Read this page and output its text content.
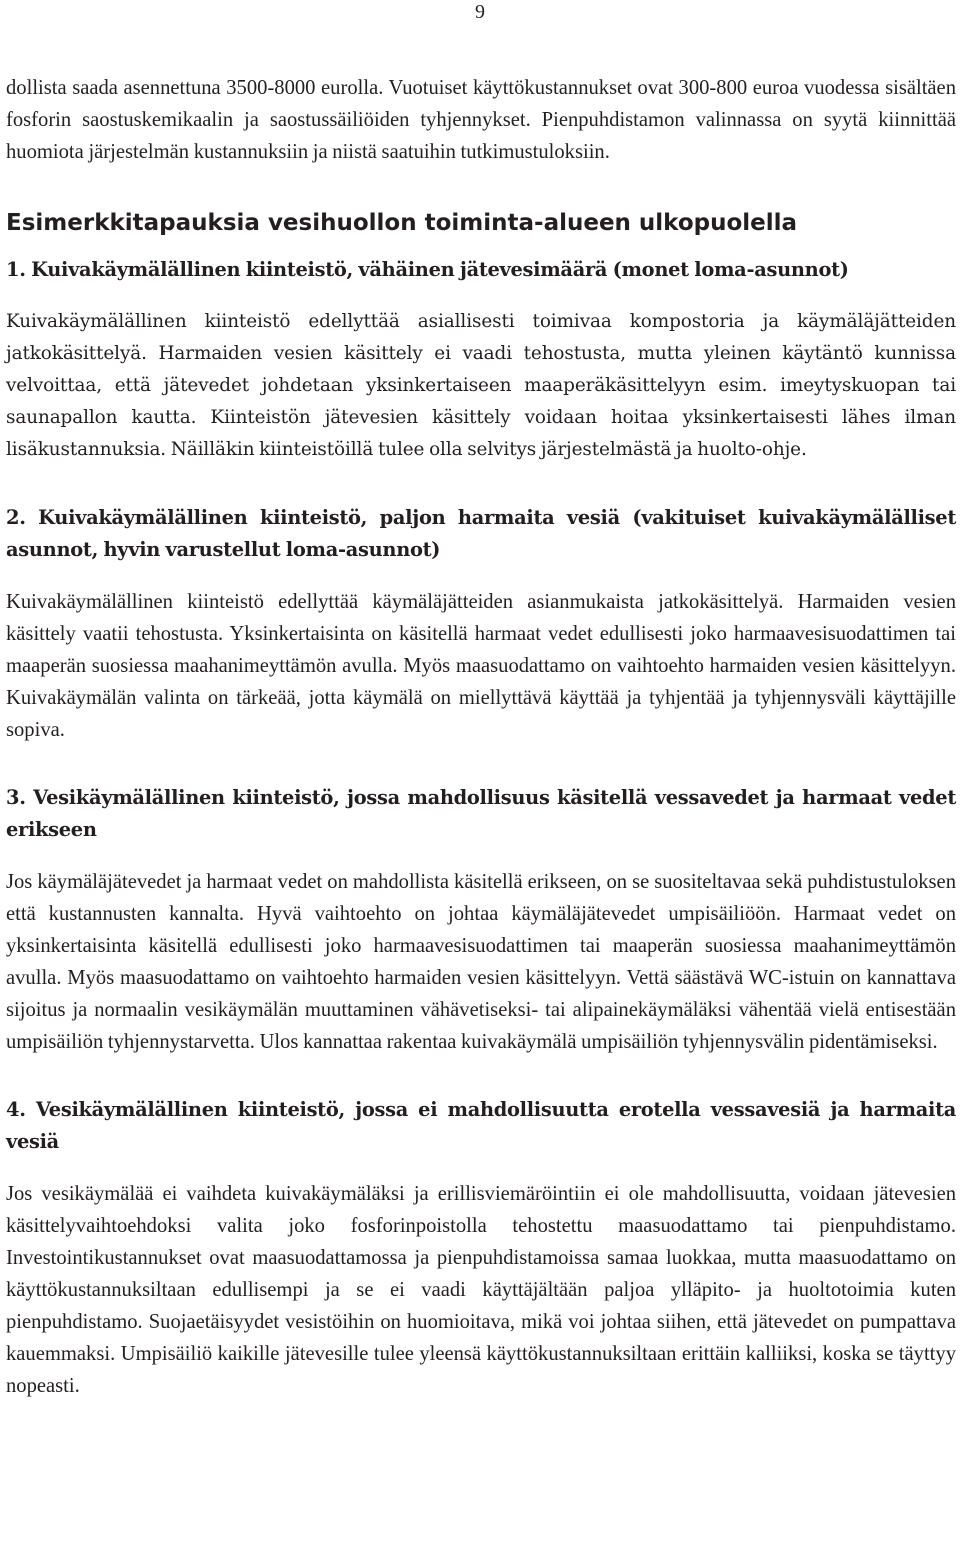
9

dollista saada asennettuna 3500-8000 eurolla. Vuotuiset käyttökustannukset ovat 300-800 euroa vuodessa sisältäen fosforin saostuskemikaalin ja saostussäiliöiden tyhjennykset. Pienpuhdistamon valinnassa on syytä kiinnittää huomiota järjestelmän kustannuksiin ja niistä saatuihin tutkimustuloksiin.

Esimerkkitapauksia vesihuollon toiminta-alueen ulkopuolella
1. Kuivakäymälällinen kiinteistö, vähäinen jätevesimäärä (monet loma-asunnot)

Kuivakäymälällinen kiinteistö edellyttää asiallisesti toimivaa kompostoria ja käymäläjätteiden jatkokäsittelyä. Harmaiden vesien käsittely ei vaadi tehostusta, mutta yleinen käytäntö kunnissa velvoittaa, että jätevedet johdetaan yksinkertaiseen maaperäkäsittelyyn esim. imeytyskuopan tai saunapallon kautta. Kiinteistön jätevesien käsittely voidaan hoitaa yksinkertaisesti lähes ilman lisäkustannuksia. Näilläkin kiinteistöillä tulee olla selvitys järjestelmästä ja huolto-ohje.

2. Kuivakäymälällinen kiinteistö, paljon harmaita vesiä (vakituiset kuivakäymälälliset asunnot, hyvin varustellut loma-asunnot)

Kuivakäymälällinen kiinteistö edellyttää käymäläjätteiden asianmukaista jatkokäsittelyä. Harmaiden vesien käsittely vaatii tehostusta. Yksinkertaisinta on käsitellä harmaat vedet edullisesti joko harmaavesisuodattimen tai maaperän suosiessa maahanimeyttämön avulla. Myös maasuodattamo on vaihtoehto harmaiden vesien käsittelyyn. Kuivakäymälän valinta on tärkeää, jotta käymälä on miellyttävä käyttää ja tyhjentää ja tyhjennysväli käyttäjille sopiva.

3. Vesikäymälällinen kiinteistö, jossa mahdollisuus käsitellä vessavedet ja harmaat vedet erikseen

Jos käymäläjätevedet ja harmaat vedet on mahdollista käsitellä erikseen, on se suositeltavaa sekä puhdistustuloksen että kustannusten kannalta. Hyvä vaihtoehto on johtaa käymäläjätevedet umpisäiliöön. Harmaat vedet on yksinkertaisinta käsitellä edullisesti joko harmaavesisuodattimen tai maaperän suosiessa maahanimeyttämön avulla. Myös maasuodattamo on vaihtoehto harmaiden vesien käsittelyyn. Vettä säästävä WC-istuin on kannattava sijoitus ja normaalin vesikäymälän muuttaminen vähävetiseksi- tai alipainekäymäläksi vähentää vielä entisestään umpisäiliön tyhjennystarvetta. Ulos kannattaa rakentaa kuivakäymälä umpisäiliön tyhjennysvälin pidentämiseksi.

4. Vesikäymälällinen kiinteistö, jossa ei mahdollisuutta erotella vessavesiä ja harmaita vesiä

Jos vesikäymälää ei vaihdeta kuivakäymäläksi ja erillisviemäröintiin ei ole mahdollisuutta, voidaan jätevesien käsittelyvaihtoehdoksi valita joko fosforinpoistolla tehostettu maasuodattamo tai pienpuhdistamo. Investointikustannukset ovat maasuodattamossa ja pienpuhdistamoissa samaa luokkaa, mutta maasuodattamo on käyttökustannuksiltaan edullisempi ja se ei vaadi käyttäjältään paljoa ylläpito- ja huoltotoimia kuten pienpuhdistamo. Suojaetäisyydet vesistöihin on huomioitava, mikä voi johtaa siihen, että jätevedet on pumpattava kauemmaksi. Umpisäiliö kaikille jätevesille tulee yleensä käyttökustannuksiltaan erittäin kalliiksi, koska se täyttyy nopeasti.
